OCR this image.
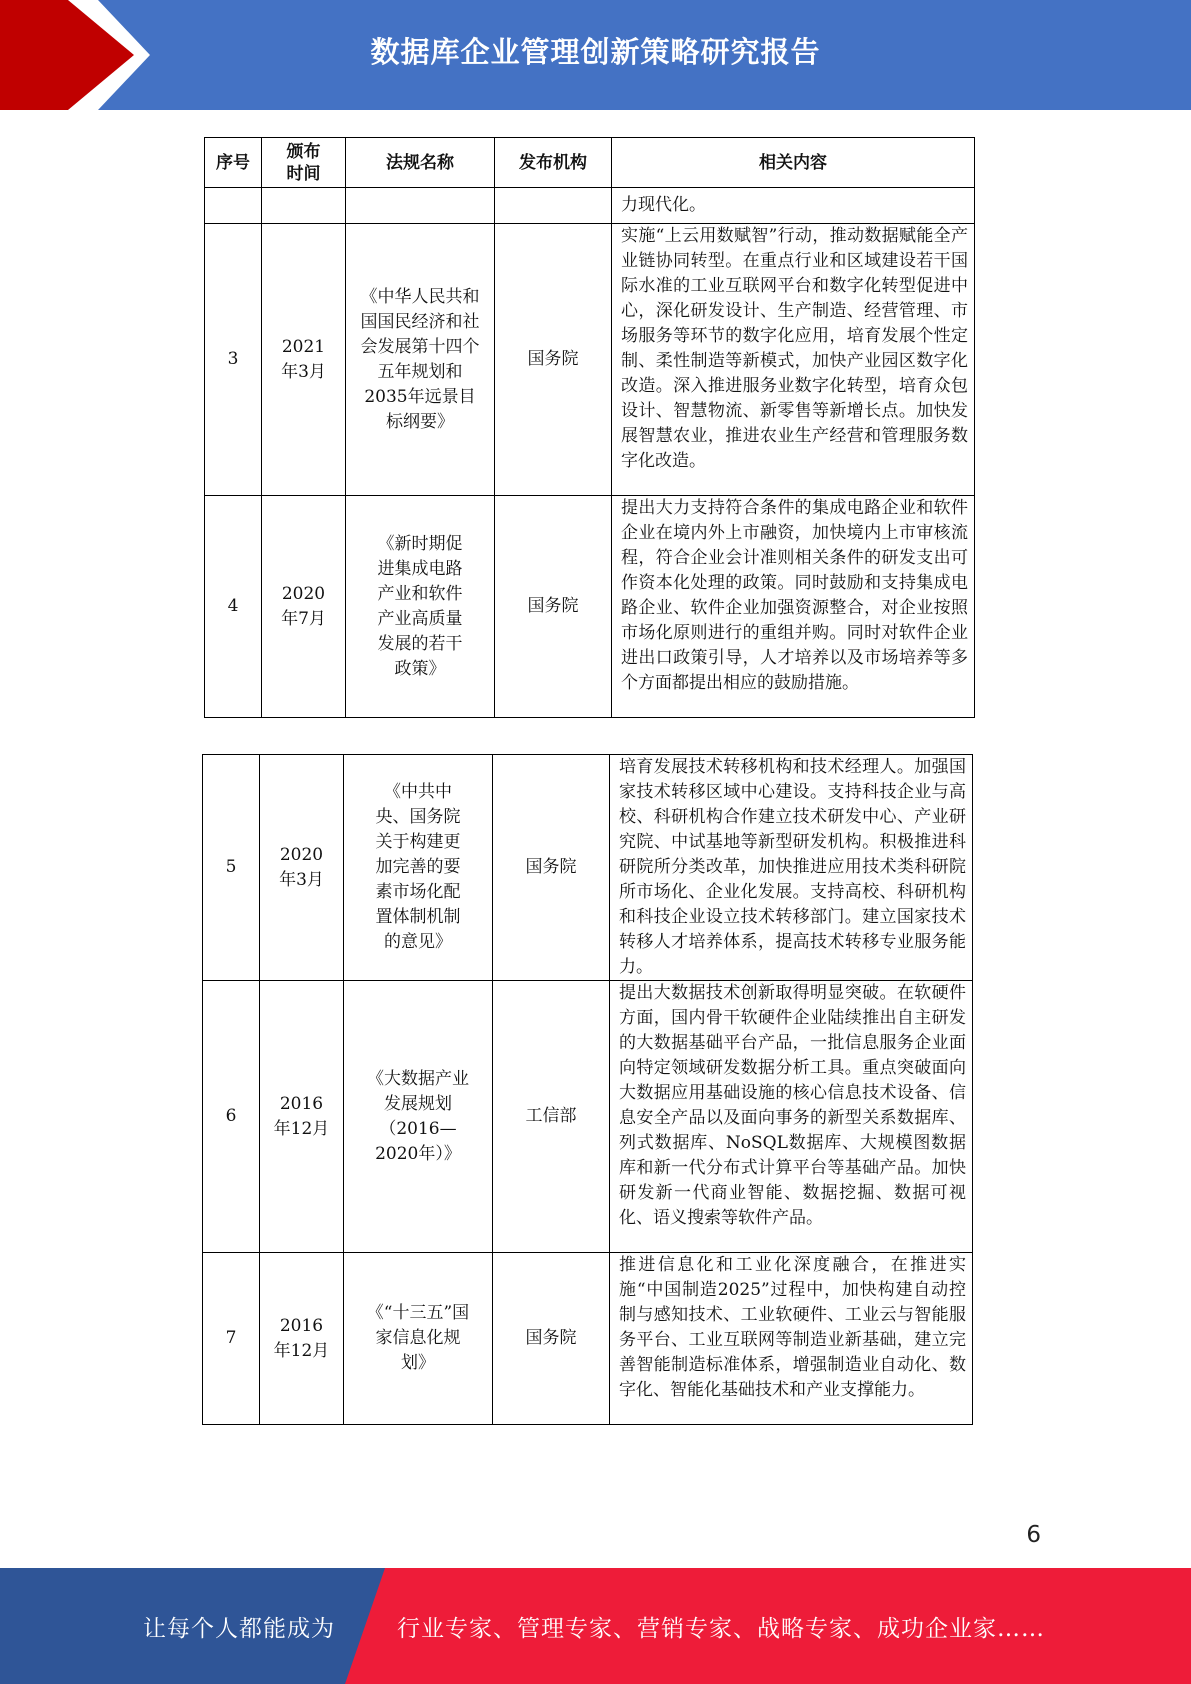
数据库企业管理创新策略研究报告
序号	颁布时间	法规名称	发布机构	相关内容
				力现代化。
3	2021年3月	《中华人民共和国国民经济和社会发展第十四个五年规划和2035年远景目标纲要》	国务院	实施“上云用数赋智”行动，推动数据赋能全产业链协同转型。在重点行业和区域建设若干国际水准的工业互联网平台和数字化转型促进中心，深化研发设计、生产制造、经营管理、市场服务等环节的数字化应用，培育发展个性定制、柔性制造等新模式，加快产业园区数字化改造。深入推进服务业数字化转型，培育众包设计、智慧物流、新零售等新增长点。加快发展智慧农业，推进农业生产经营和管理服务数字化改造。
4	2020年7月	《新时期促进集成电路产业和软件产业高质量发展的若干政策》	国务院	提出大力支持符合条件的集成电路企业和软件企业在境内外上市融资，加快境内上市审核流程，符合企业会计准则相关条件的研发支出可作资本化处理的政策。同时鼓励和支持集成电路企业、软件企业加强资源整合，对企业按照市场化原则进行的重组并购。同时对软件企业进出口政策引导，人才培养以及市场培养等多个方面都提出相应的鼓励措施。
5	2020年3月	《中共中央、国务院关于构建更加完善的要素市场化配置体制机制的意见》	国务院	培育发展技术转移机构和技术经理人。加强国家技术转移区域中心建设。支持科技企业与高校、科研机构合作建立技术研发中心、产业研究院、中试基地等新型研发机构。积极推进科研院所分类改革，加快推进应用技术类科研院所市场化、企业化发展。支持高校、科研机构和科技企业设立技术转移部门。建立国家技术转移人才培养体系，提高技术转移专业服务能力。
6	2016年12月	《大数据产业发展规划（2016—2020年）》	工信部	提出大数据技术创新取得明显突破。在软硬件方面，国内骨干软硬件企业陆续推出自主研发的大数据基础平台产品，一批信息服务企业面向特定领域研发数据分析工具。重点突破面向大数据应用基础设施的核心信息技术设备、信息安全产品以及面向事务的新型关系数据库、列式数据库、NoSQL数据库、大规模图数据库和新一代分布式计算平台等基础产品。加快研发新一代商业智能、数据挖掘、数据可视化、语义搜索等软件产品。
7	2016年12月	《“十三五”国家信息化规划》	国务院	推进信息化和工业化深度融合，在推进实施“中国制造2025”过程中，加快构建自动控制与感知技术、工业软硬件、工业云与智能服务平台、工业互联网等制造业新基础，建立完善智能制造标准体系，增强制造业自动化、数字化、智能化基础技术和产业支撑能力。
6
让每个人都能成为	行业专家、管理专家、营销专家、战略专家、成功企业家……
